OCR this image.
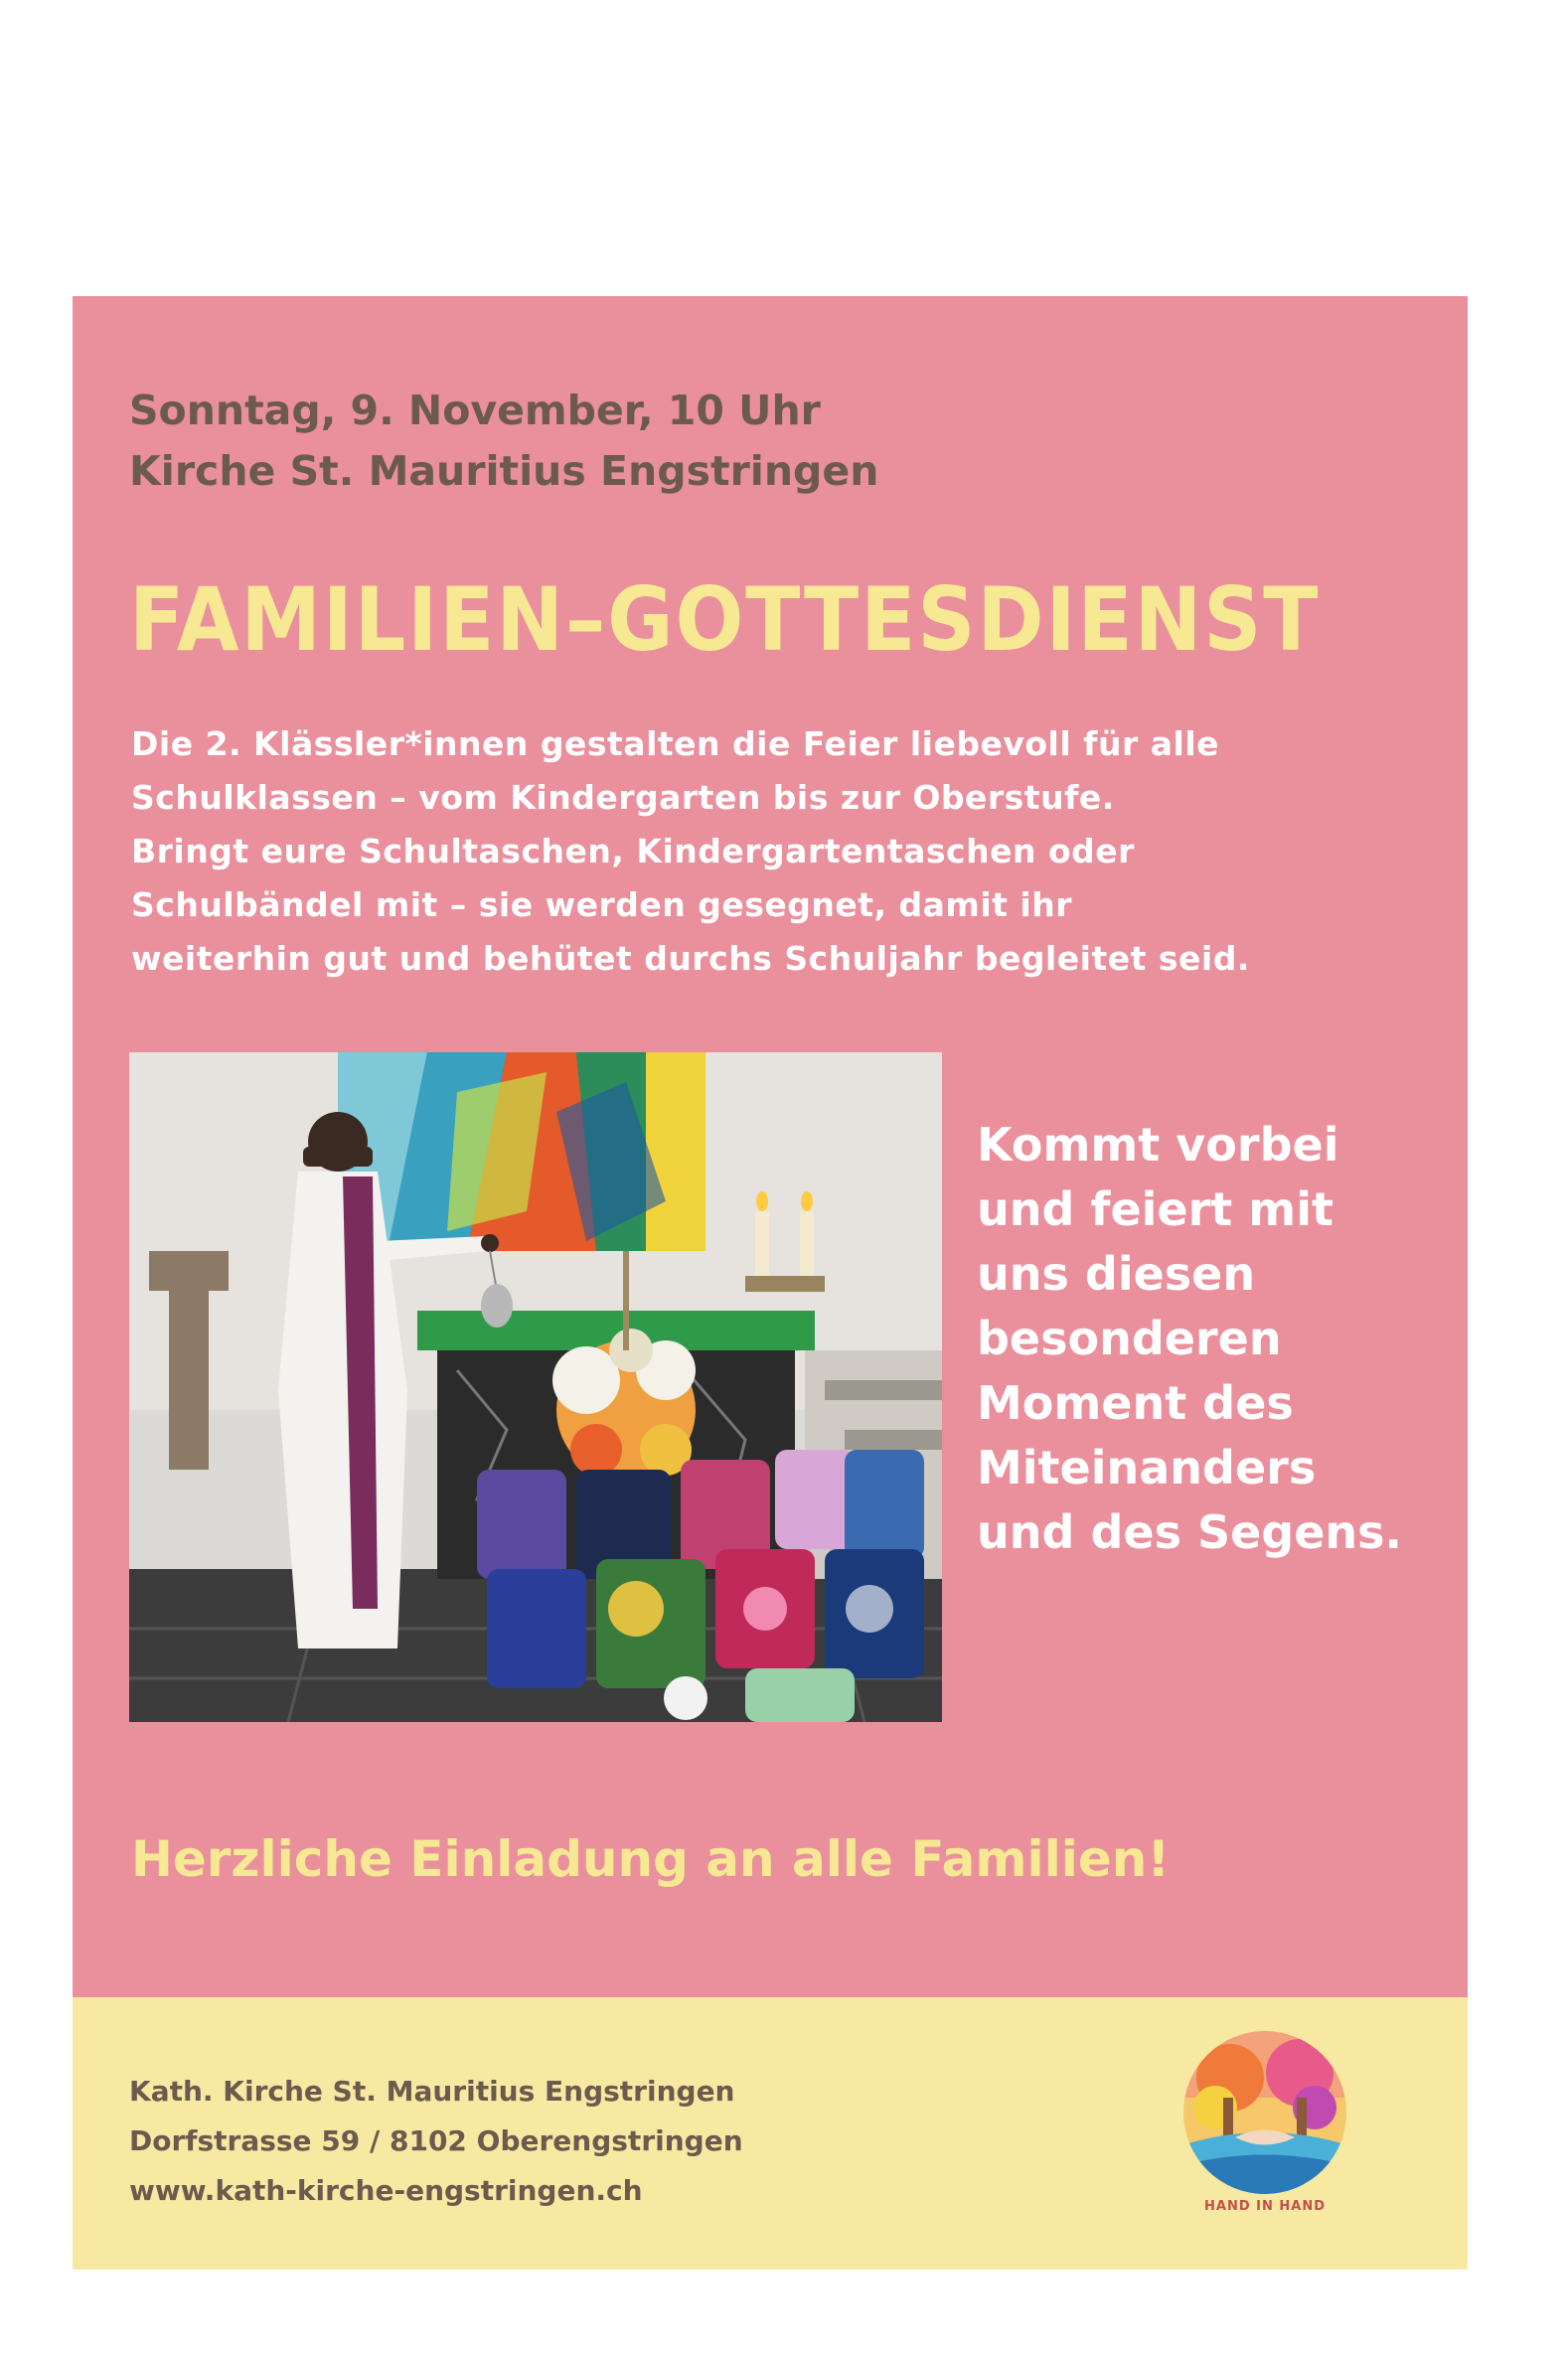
Sonntag, 9. November, 10 Uhr
Kirche St. Mauritius Engstringen
FAMILIEN–GOTTESDIENST
Die 2. Klässler*innen gestalten die Feier liebevoll für alle
Schulklassen – vom Kindergarten bis zur Oberstufe.
Bringt eure Schultaschen, Kindergartentaschen oder
Schulbändel mit – sie werden gesegnet, damit ihr
weiterhin gut und behütet durchs Schuljahr begleitet seid.
Kommt vorbei
und feiert mit
uns diesen
besonderen
Moment des
Miteinanders
und des Segens.
Herzliche Einladung an alle Familien!
Kath. Kirche St. Mauritius Engstringen
Dorfstrasse 59 / 8102 Oberengstringen
www.kath-kirche-engstringen.ch	HAND IN HAND
